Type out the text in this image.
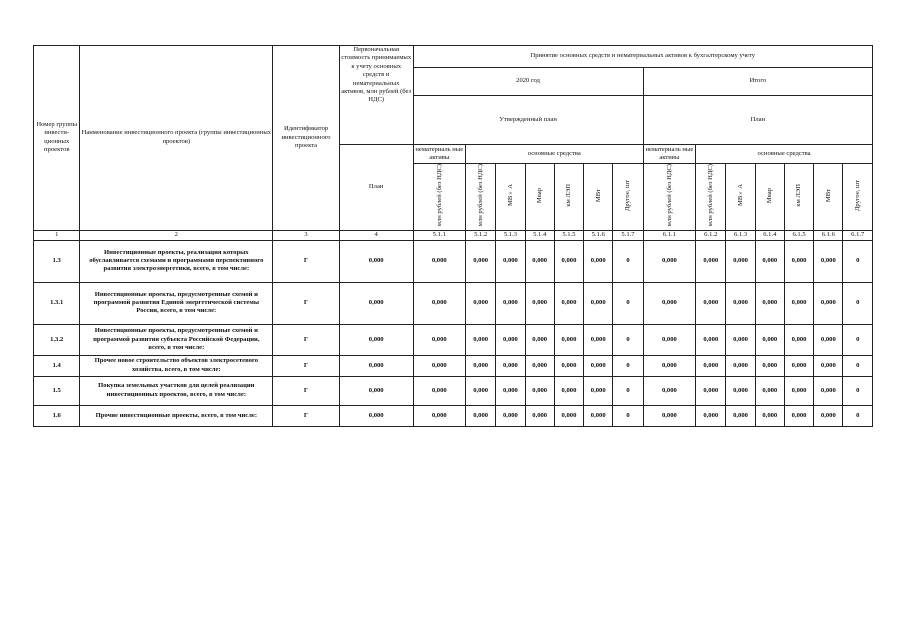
Номер группы инвести-ционных проектов	Наименование инвестиционного проекта (группы инвестиционных проектов)	Идентификатор инвестиционного проекта	Первоначальная стоимость принимаемых к учету основных средств и нематериальных активов, млн рублей (без НДС)	Принятие основных средств и нематериальных активов к бухгалтерскому учету													
				2020 год							Итого						
				Утвержденный план							План						
			План	нематериаль ные активы	основные средства						нематериаль ные активы	основные средства					
				млн рублей (без НДС)	млн рублей (без НДС)	МВ×А	Мвар	км ЛЭП	МВт	Другое, шт	млн рублей (без НДС)	млн рублей (без НДС)	МВ×А	Мвар	км ЛЭП	МВт	Другое, шт
1	2	3	4	5.1.1	5.1.2	5.1.3	5.1.4	5.1.5	5.1.6	5.1.7	6.1.1	6.1.2	6.1.3	6.1.4	6.1.5	6.1.6	6.1.7
1.3	Инвестиционные проекты, реализация которых обуславливается схемами и программами перспективного развития электроэнергетики, всего, в том числе:	Г	0,000	0,000	0,000	0,000	0,000	0,000	0,000	0	0,000	0,000	0,000	0,000	0,000	0,000	0
1.3.1	Инвестиционные проекты, предусмотренные схемой и программой развития Единой энергетической системы России, всего, в том числе:	Г	0,000	0,000	0,000	0,000	0,000	0,000	0,000	0	0,000	0,000	0,000	0,000	0,000	0,000	0
1.3.2	Инвестиционные проекты, предусмотренные схемой и программой развития субъекта Российской Федерации, всего, в том числе:	Г	0,000	0,000	0,000	0,000	0,000	0,000	0,000	0	0,000	0,000	0,000	0,000	0,000	0,000	0
1.4	Прочее новое строительство объектов электросетевого хозяйства, всего, в том числе:	Г	0,000	0,000	0,000	0,000	0,000	0,000	0,000	0	0,000	0,000	0,000	0,000	0,000	0,000	0
1.5	Покупка земельных участков для целей реализации инвестиционных проектов, всего, в том числе:	Г	0,000	0,000	0,000	0,000	0,000	0,000	0,000	0	0,000	0,000	0,000	0,000	0,000	0,000	0
1.6	Прочие инвестиционные проекты, всего, в том числе:	Г	0,000	0,000	0,000	0,000	0,000	0,000	0,000	0	0,000	0,000	0,000	0,000	0,000	0,000	0
